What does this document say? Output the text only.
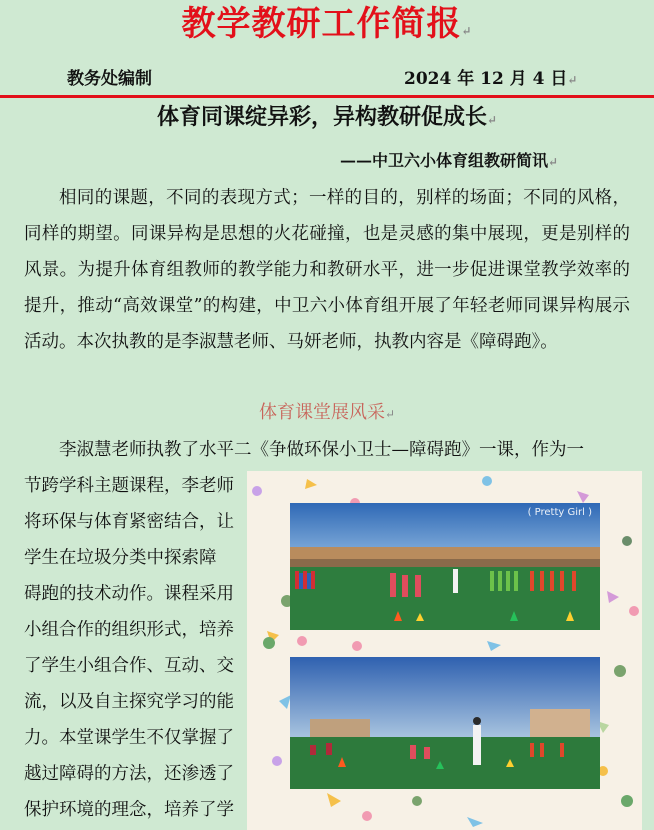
教学教研工作简报↵
教务处编制	2024 年 12 月 4 日↵
体育同课绽异彩，异构教研促成长↵
——中卫六小体育组教研简讯↵

相同的课题，不同的表现方式；一样的目的，别样的场面；不同的风格，同样的期望。同课异构是思想的火花碰撞，也是灵感的集中展现，更是别样的风景。为提升体育组教师的教学能力和教研水平，进一步促进课堂教学效率的提升，推动“高效课堂”的构建，中卫六小体育组开展了年轻老师同课异构展示活动。本次执教的是李淑慧老师、马妍老师，执教内容是《障碍跑》。

体育课堂展风采↵

李淑慧老师执教了水平二《争做环保小卫士—障碍跑》一课，作为一

节跨学科主题课程，李老师
将环保与体育紧密结合，让
学生在垃圾分类中探索障
碍跑的技术动作。课程采用
小组合作的组织形式，培养
了学生小组合作、互动、交
流，以及自主探究学习的能
力。本堂课学生不仅掌握了
越过障碍的方法，还渗透了
保护环境的理念，培养了学
( Pretty Girl )
